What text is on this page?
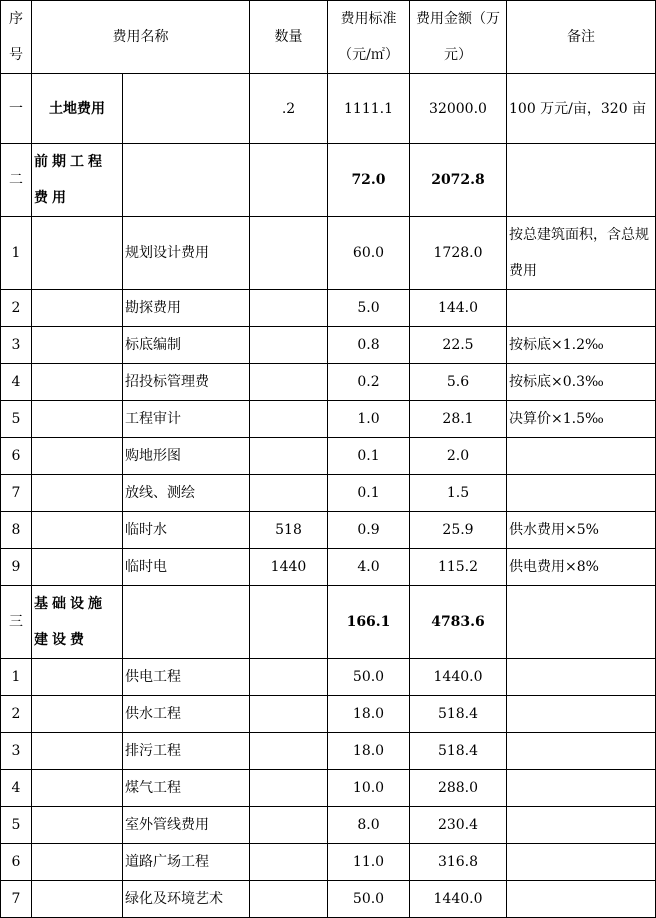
序号	费用名称		数量	费用标准（元/㎡）	费用金额（万元）	备注
一	土地费用		.2	1111.1	32000.0	100 万元/亩，320 亩
二	前期工程费用			72.0	2072.8	
1		规划设计费用		60.0	1728.0	按总建筑面积，含总规费用
2		勘探费用		5.0	144.0	
3		标底编制		0.8	22.5	按标底×1.2‰
4		招投标管理费		0.2	5.6	按标底×0.3‰
5		工程审计		1.0	28.1	决算价×1.5‰
6		购地形图		0.1	2.0	
7		放线、测绘		0.1	1.5	
8		临时水	518	0.9	25.9	供水费用×5%
9		临时电	1440	4.0	115.2	供电费用×8%
三	基础设施建设费			166.1	4783.6	
1		供电工程		50.0	1440.0	
2		供水工程		18.0	518.4	
3		排污工程		18.0	518.4	
4		煤气工程		10.0	288.0	
5		室外管线费用		8.0	230.4	
6		道路广场工程		11.0	316.8	
7		绿化及环境艺术		50.0	1440.0	
